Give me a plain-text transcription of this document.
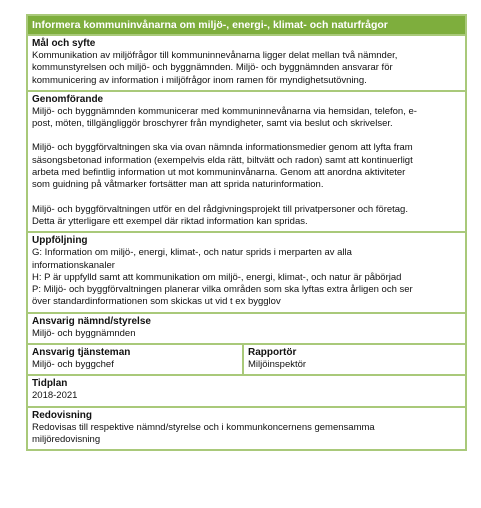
Informera kommuninvånarna om miljö-, energi-, klimat- och naturfrågor
Mål och syfte
Kommunikation av miljöfrågor till kommuninnevånarna ligger delat mellan två nämnder,
kommunstyrelsen och miljö- och byggnämnden. Miljö- och byggnämnden ansvarar för
kommunicering av information i miljöfrågor inom ramen för myndighetsutövning.
Genomförande
Miljö- och byggnämnden kommunicerar med kommuninnevånarna via hemsidan, telefon, e-
post, möten, tillgängliggör broschyrer från myndigheter, samt via beslut och skrivelser.
Miljö- och byggförvaltningen ska via ovan nämnda informationsmedier genom att lyfta fram
säsongsbetonad information (exempelvis elda rätt, biltvätt och radon) samt att kontinuerligt
arbeta med befintlig information ut mot kommuninvånarna. Genom att anordna aktiviteter
som guidning på våtmarker fortsätter man att sprida naturinformation.
Miljö- och byggförvaltningen utför en del rådgivningsprojekt till privatpersoner och företag.
Detta är ytterligare ett exempel där riktad information kan spridas.
Uppföljning
G: Information om miljö-, energi, klimat-, och natur sprids i merparten av alla
informationskanaler
H: P är uppfylld samt att kommunikation om miljö-, energi, klimat-, och natur är påbörjad
P: Miljö- och byggförvaltningen planerar vilka områden som ska lyftas extra årligen och ser
över standardinformationen som skickas ut vid t ex bygglov
Ansvarig nämnd/styrelse
Miljö- och byggnämnden
Ansvarig tjänsteman
Miljö- och byggchef
Rapportör
Miljöinspektör
Tidplan
2018-2021
Redovisning
Redovisas till respektive nämnd/styrelse och i kommunkoncernens gemensamma
miljöredovisning
